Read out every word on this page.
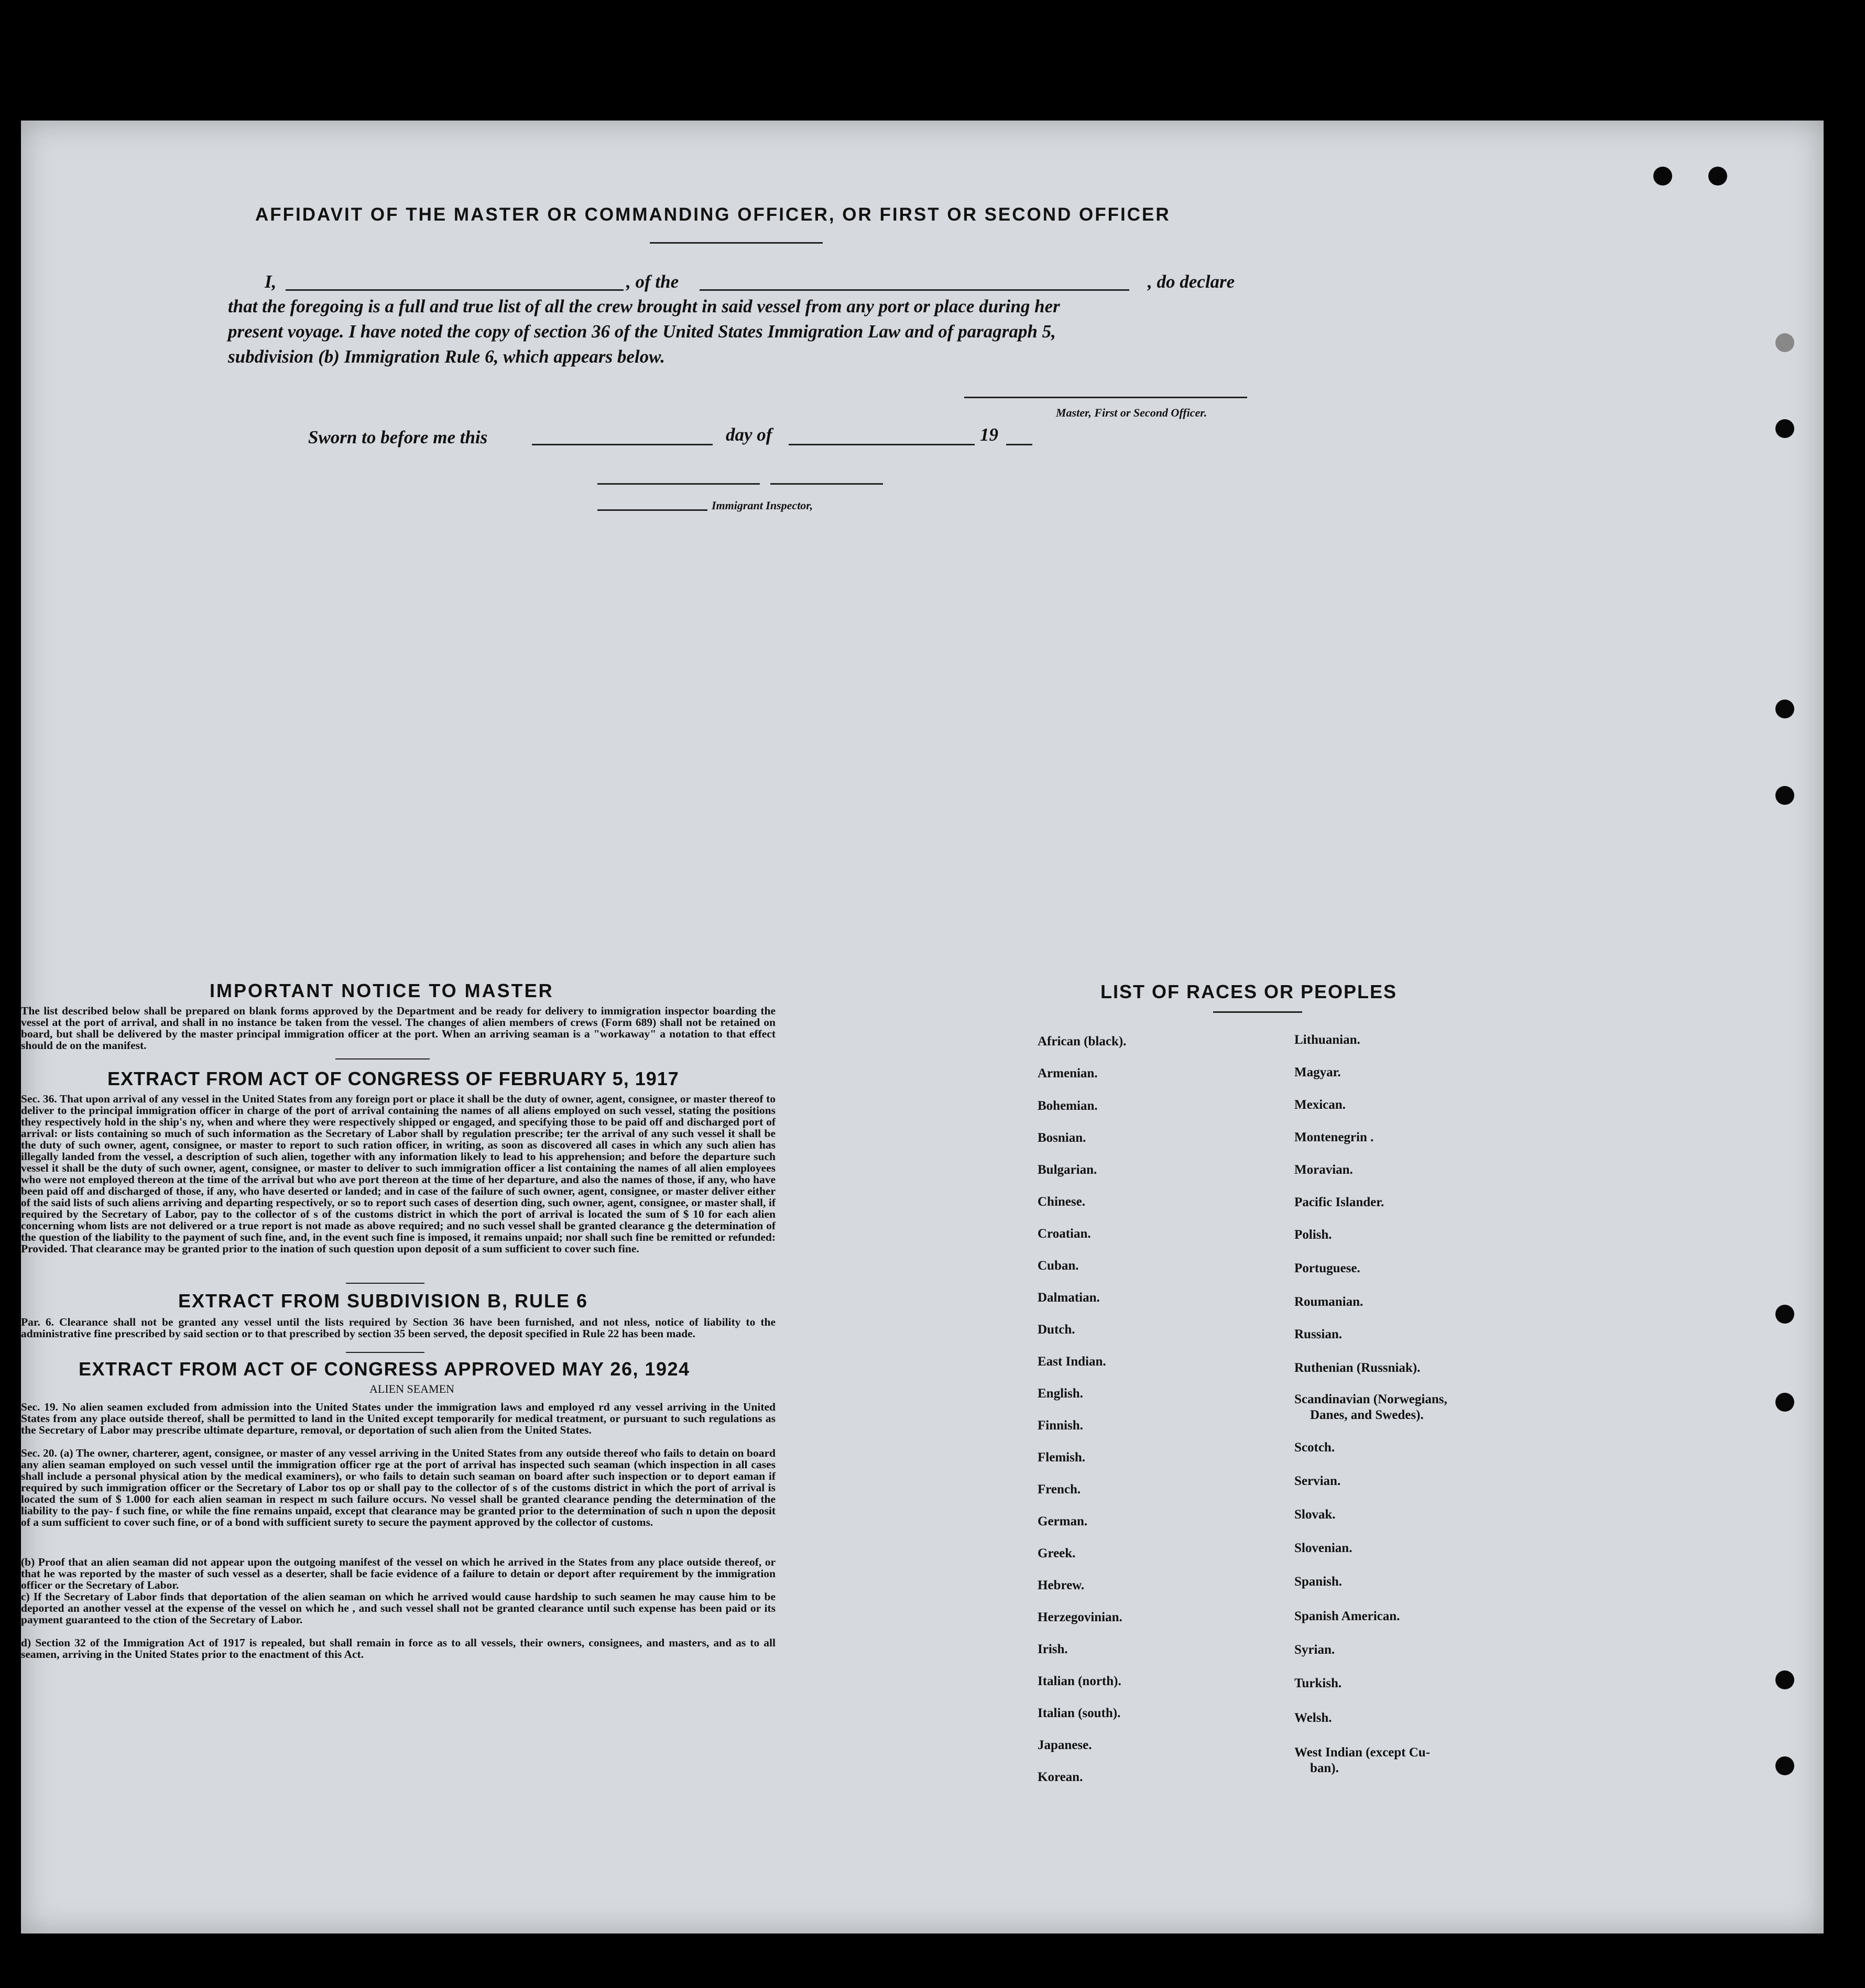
AFFIDAVIT OF THE MASTER OR COMMANDING OFFICER, OR FIRST OR SECOND OFFICER
I,	, of the	, do declare
that the foregoing is a full and true list of all the crew brought in said vessel from any port or place during her
present voyage. I have noted the copy of section 36 of the United States Immigration Law and of paragraph 5,
subdivision (b) Immigration Rule 6, which appears below.
Master, First or Second Officer.
Sworn to before me this	day of	19
Immigrant Inspector,
IMPORTANT NOTICE TO MASTER
The list described below shall be prepared on blank forms approved by the Department and be ready for delivery to immigration inspector boarding the vessel at the port of arrival, and shall in no instance be taken from the vessel. The changes of alien members of crews (Form 689) shall not be retained on board, but shall be delivered by the master principal immigration officer at the port. When an arriving seaman is a "workaway" a notation to that effect should de on the manifest.
EXTRACT FROM ACT OF CONGRESS OF FEBRUARY 5, 1917
Sec. 36. That upon arrival of any vessel in the United States from any foreign port or place it shall be the duty of owner, agent, consignee, or master thereof to deliver to the principal immigration officer in charge of the port of arrival containing the names of all aliens employed on such vessel, stating the positions they respectively hold in the ship's ny, when and where they were respectively shipped or engaged, and specifying those to be paid off and discharged port of arrival: or lists containing so much of such information as the Secretary of Labor shall by regulation prescribe; ter the arrival of any such vessel it shall be the duty of such owner, agent, consignee, or master to report to such ration officer, in writing, as soon as discovered all cases in which any such alien has illegally landed from the vessel, a description of such alien, together with any information likely to lead to his apprehension; and before the departure such vessel it shall be the duty of such owner, agent, consignee, or master to deliver to such immigration officer a list containing the names of all alien employees who were not employed thereon at the time of the arrival but who ave port thereon at the time of her departure, and also the names of those, if any, who have been paid off and discharged of those, if any, who have deserted or landed; and in case of the failure of such owner, agent, consignee, or master deliver either of the said lists of such aliens arriving and departing respectively, or so to report such cases of desertion ding, such owner, agent, consignee, or master shall, if required by the Secretary of Labor, pay to the collector of s of the customs district in which the port of arrival is located the sum of $ 10 for each alien concerning whom lists are not delivered or a true report is not made as above required; and no such vessel shall be granted clearance g the determination of the question of the liability to the payment of such fine, and, in the event such fine is imposed, it remains unpaid; nor shall such fine be remitted or refunded: Provided. That clearance may be granted prior to the ination of such question upon deposit of a sum sufficient to cover such fine.
EXTRACT FROM SUBDIVISION B, RULE 6
Par. 6. Clearance shall not be granted any vessel until the lists required by Section 36 have been furnished, and not nless, notice of liability to the administrative fine prescribed by said section or to that prescribed by section 35 been served, the deposit specified in Rule 22 has been made.
EXTRACT FROM ACT OF CONGRESS APPROVED MAY 26, 1924
ALIEN SEAMEN
Sec. 19. No alien seamen excluded from admission into the United States under the immigration laws and employed rd any vessel arriving in the United States from any place outside thereof, shall be permitted to land in the United except temporarily for medical treatment, or pursuant to such regulations as the Secretary of Labor may prescribe ultimate departure, removal, or deportation of such alien from the United States.
Sec. 20. (a) The owner, charterer, agent, consignee, or master of any vessel arriving in the United States from any outside thereof who fails to detain on board any alien seaman employed on such vessel until the immigration officer rge at the port of arrival has inspected such seaman (which inspection in all cases shall include a personal physical ation by the medical examiners), or who fails to detain such seaman on board after such inspection or to deport eaman if required by such immigration officer or the Secretary of Labor tos op or shall pay to the collector of s of the customs district in which the port of arrival is located the sum of $ 1.000 for each alien seaman in respect m such failure occurs. No vessel shall be granted clearance pending the determination of the liability to the pay- f such fine, or while the fine remains unpaid, except that clearance may be granted prior to the determination of such n upon the deposit of a sum sufficient to cover such fine, or of a bond with sufficient surety to secure the payment approved by the collector of customs.
(b) Proof that an alien seaman did not appear upon the outgoing manifest of the vessel on which he arrived in the States from any place outside thereof, or that he was reported by the master of such vessel as a deserter, shall be facie evidence of a failure to detain or deport after requirement by the immigration officer or the Secretary of Labor.
c) If the Secretary of Labor finds that deportation of the alien seaman on which he arrived would cause hardship to such seamen he may cause him to be deported an another vessel at the expense of the vessel on which he , and such vessel shall not be granted clearance until such expense has been paid or its payment guaranteed to the ction of the Secretary of Labor.
d) Section 32 of the Immigration Act of 1917 is repealed, but shall remain in force as to all vessels, their owners, consignees, and masters, and as to all seamen, arriving in the United States prior to the enactment of this Act.
LIST OF RACES OR PEOPLES

African (black).

Armenian.

Bohemian.

Bosnian.

Bulgarian.

Chinese.

Croatian.

Cuban.

Dalmatian.

Dutch.

East Indian.

English.

Finnish.

Flemish.

French.

German.

Greek.

Hebrew.

Herzegovinian.

Irish.

Italian (north).

Italian (south).

Japanese.

Korean.

Lithuanian.

Magyar.

Mexican.

Montenegrin .

Moravian.

Pacific Islander.

Polish.

Portuguese.

Roumanian.

Russian.

Ruthenian (Russniak).

Scandinavian (Norwegians,

Danes, and Swedes).

Scotch.

Servian.

Slovak.

Slovenian.

Spanish.

Spanish American.

Syrian.

Turkish.

Welsh.

West Indian (except Cu-

ban).
